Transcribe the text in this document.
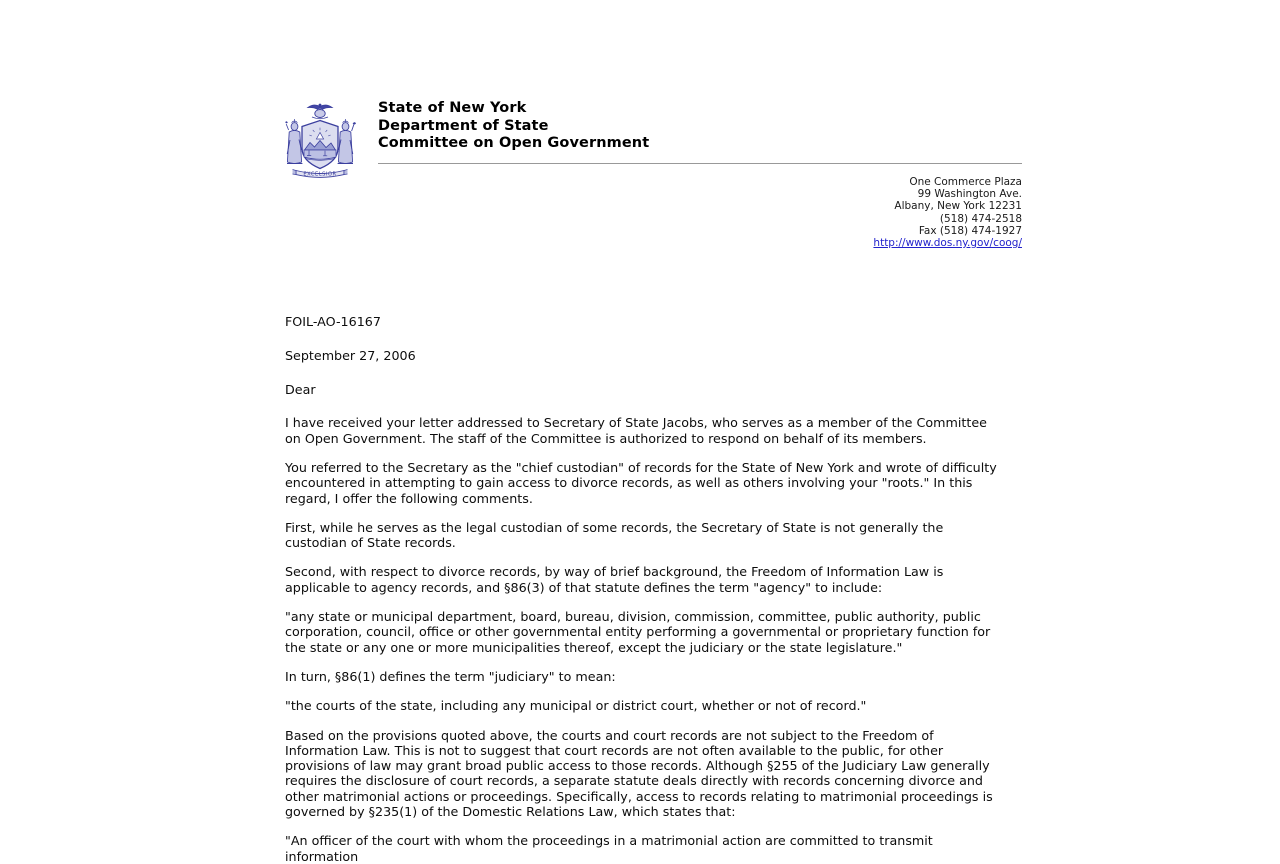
EXCELSIOR
State of New York
Department of State
Committee on Open Government
One Commerce Plaza
99 Washington Ave.
Albany, New York 12231
(518) 474-2518
Fax (518) 474-1927
http://www.dos.ny.gov/coog/
FOIL-AO-16167
September 27, 2006
Dear

I have received your letter addressed to Secretary of State Jacobs, who serves as a member of the Committee on Open Government. The staff of the Committee is authorized to respond on behalf of its members.

You referred to the Secretary as the "chief custodian" of records for the State of New York and wrote of difficulty encountered in attempting to gain access to divorce records, as well as others involving your "roots." In this regard, I offer the following comments.

First, while he serves as the legal custodian of some records, the Secretary of State is not generally the custodian of State records.

Second, with respect to divorce records, by way of brief background, the Freedom of Information Law is applicable to agency records, and §86(3) of that statute defines the term "agency" to include:

"any state or municipal department, board, bureau, division, commission, committee, public authority, public corporation, council, office or other governmental entity performing a governmental or proprietary function for the state or any one or more municipalities thereof, except the judiciary or the state legislature."

In turn, §86(1) defines the term "judiciary" to mean:

"the courts of the state, including any municipal or district court, whether or not of record."

Based on the provisions quoted above, the courts and court records are not subject to the Freedom of Information Law. This is not to suggest that court records are not often available to the public, for other provisions of law may grant broad public access to those records. Although §255 of the Judiciary Law generally requires the disclosure of court records, a separate statute deals directly with records concerning divorce and other matrimonial actions or proceedings. Specifically, access to records relating to matrimonial proceedings is governed by §235(1) of the Domestic Relations Law, which states that:

"An officer of the court with whom the proceedings in a matrimonial action are committed to transmit information
